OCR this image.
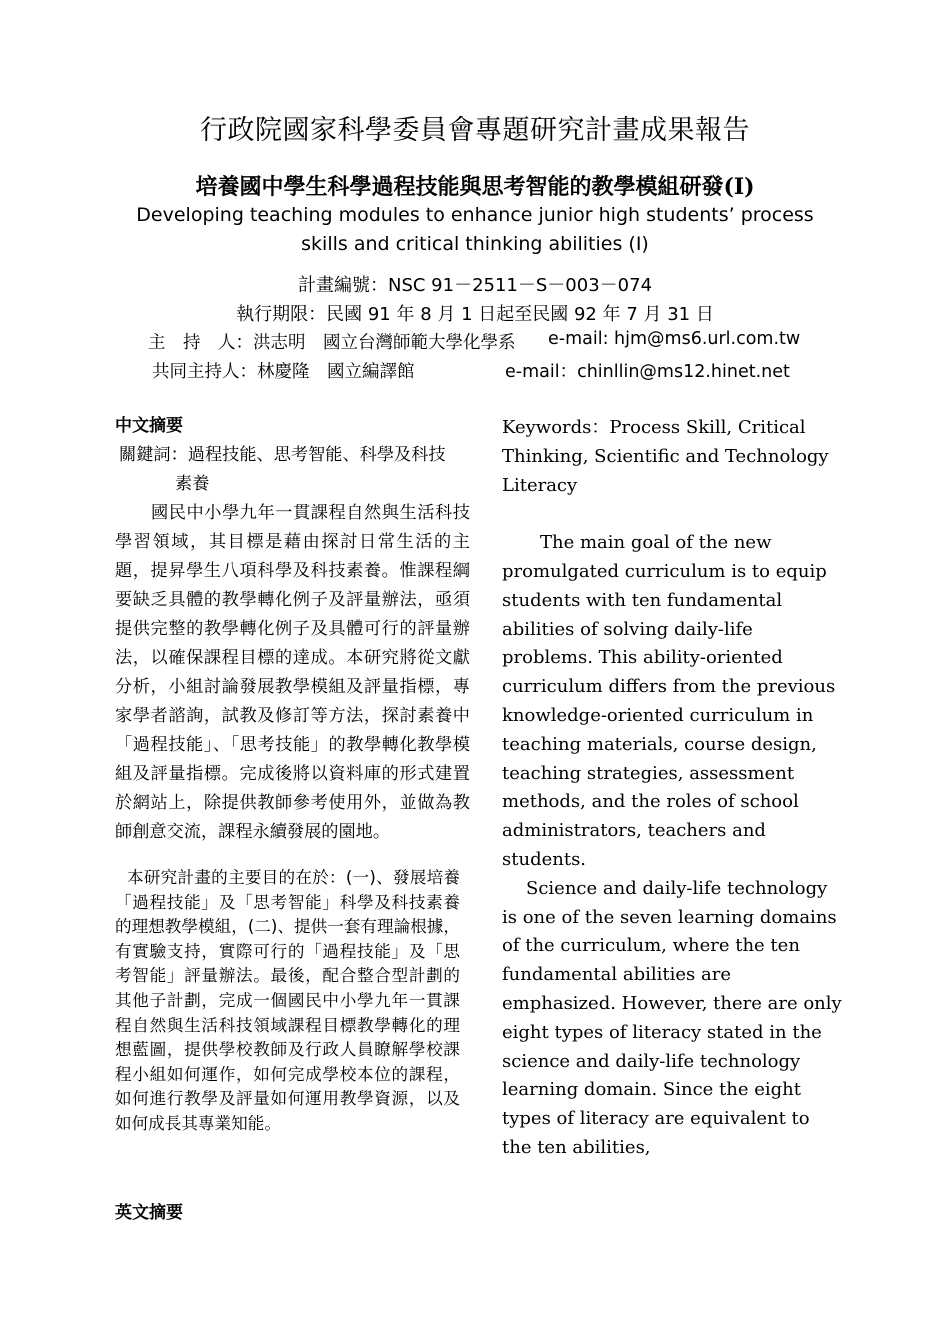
行政院國家科學委員會專題研究計畫成果報告
培養國中學生科學過程技能與思考智能的教學模組研發(I)
Developing teaching modules to enhance junior high students’ process
skills and critical thinking abilities (I)
計畫編號：NSC 91－2511－S－003－074
執行期限：民國 91 年 8 月 1 日起至民國 92 年 7 月 31 日
主　持　人：洪志明　國立台灣師範大學化學系 e-mail: hjm@ms6.url.com.tw
共同主持人：林慶隆　國立編譯館	e-mail：chinllin@ms12.hinet.net
中文摘要
關鍵詞：過程技能、思考智能、科學及科技
素養

國民中小學九年一貫課程自然與生活科技學習領域，其目標是藉由探討日常生活的主題，提昇學生八項科學及科技素養。惟課程綱要缺乏具體的教學轉化例子及評量辦法，亟須提供完整的教學轉化例子及具體可行的評量辦法，以確保課程目標的達成。本研究將從文獻分析，小組討論發展教學模組及評量指標，專家學者諮詢，試教及修訂等方法，探討素養中「過程技能」、「思考技能」的教學轉化教學模組及評量指標。完成後將以資料庫的形式建置於網站上，除提供教師參考使用外，並做為教師創意交流，課程永續發展的園地。

本研究計畫的主要目的在於：(一)、發展培養「過程技能」及「思考智能」科學及科技素養的理想教學模組，(二)、提供一套有理論根據，有實驗支持，實際可行的「過程技能」及「思考智能」評量辦法。最後，配合整合型計劃的其他子計劃，完成一個國民中小學九年一貫課程自然與生活科技領域課程目標教學轉化的理想藍圖，提供學校教師及行政人員瞭解學校課程小組如何運作，如何完成學校本位的課程，如何進行教學及評量如何運用教學資源，以及如何成長其專業知能。

英文摘要

Keywords：Process Skill, Critical Thinking, Scientific and Technology Literacy

The main goal of the new promulgated curriculum is to equip students with ten fundamental abilities of solving daily-life problems. This ability-oriented curriculum differs from the previous knowledge-oriented curriculum in teaching materials, course design, teaching strategies, assessment methods, and the roles of school administrators, teachers and students.

Science and daily-life technology is one of the seven learning domains of the curriculum, where the ten fundamental abilities are emphasized. However, there are only eight types of literacy stated in the science and daily-life technology learning domain. Since the eight types of literacy are equivalent to the ten abilities,
